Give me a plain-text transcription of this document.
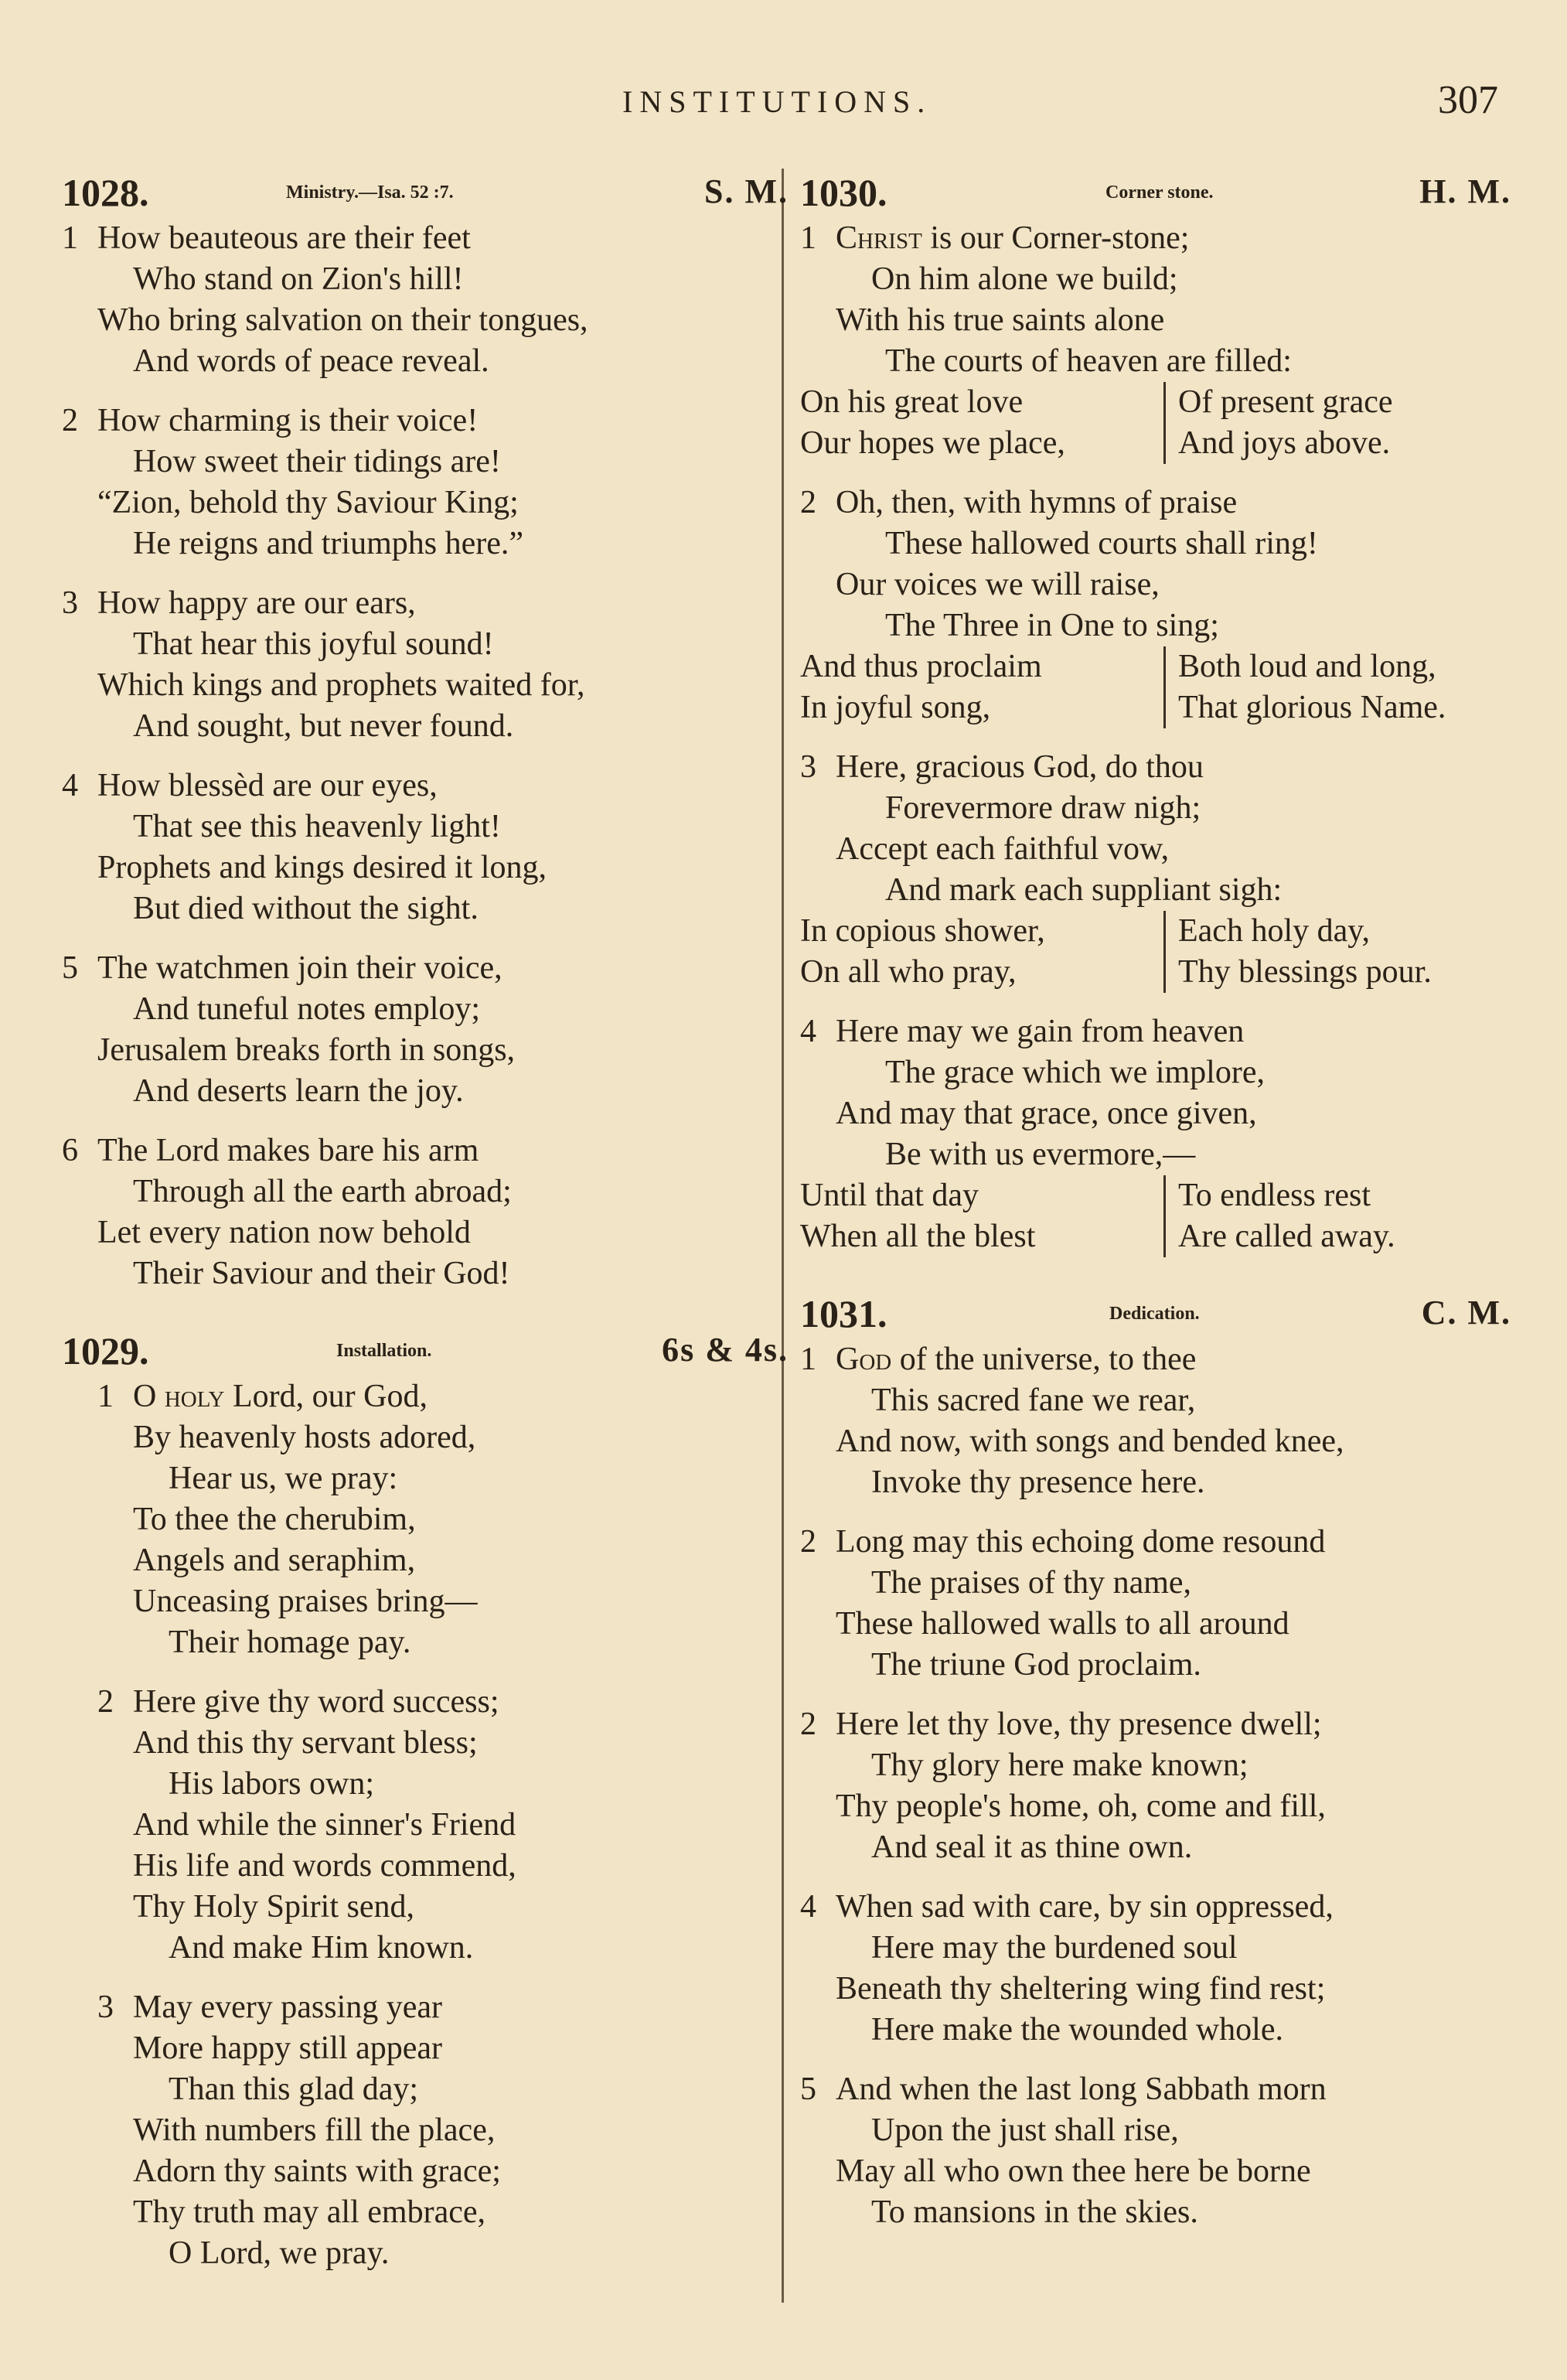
INSTITUTIONS.	307
1028.	Ministry.—Isa. 52 :7.	S. M.
1 How beauteous are their feet
Who stand on Zion's hill!
Who bring salvation on their tongues,
And words of peace reveal.
2 How charming is their voice!
How sweet their tidings are!
“Zion, behold thy Saviour King;
He reigns and triumphs here.”
3 How happy are our ears,
That hear this joyful sound!
Which kings and prophets waited for,
And sought, but never found.
4 How blessèd are our eyes,
That see this heavenly light!
Prophets and kings desired it long,
But died without the sight.
5 The watchmen join their voice,
And tuneful notes employ;
Jerusalem breaks forth in songs,
And deserts learn the joy.
6 The Lord makes bare his arm
Through all the earth abroad;
Let every nation now behold
Their Saviour and their God!
1029.	Installation.	6s & 4s.
1 O holy Lord, our God,
By heavenly hosts adored,
Hear us, we pray:
To thee the cherubim,
Angels and seraphim,
Unceasing praises bring—
Their homage pay.
2 Here give thy word success;
And this thy servant bless;
His labors own;
And while the sinner's Friend
His life and words commend,
Thy Holy Spirit send,
And make Him known.
3 May every passing year
More happy still appear
Than this glad day;
With numbers fill the place,
Adorn thy saints with grace;
Thy truth may all embrace,
O Lord, we pray.
1030.	Corner stone.	H. M.
1 Christ is our Corner-stone;
On him alone we build;
With his true saints alone
The courts of heaven are filled:
On his great love	Of present grace
Our hopes we place,	And joys above.
2 Oh, then, with hymns of praise
These hallowed courts shall ring!
Our voices we will raise,
The Three in One to sing;
And thus proclaim	Both loud and long,
In joyful song,	That glorious Name.
3 Here, gracious God, do thou
Forevermore draw nigh;
Accept each faithful vow,
And mark each suppliant sigh:
In copious shower,	Each holy day,
On all who pray,	Thy blessings pour.
4 Here may we gain from heaven
The grace which we implore,
And may that grace, once given,
Be with us evermore,—
Until that day	To endless rest
When all the blest	Are called away.
1031.	Dedication.	C. M.
1 God of the universe, to thee
This sacred fane we rear,
And now, with songs and bended knee,
Invoke thy presence here.
2 Long may this echoing dome resound
The praises of thy name,
These hallowed walls to all around
The triune God proclaim.
2 Here let thy love, thy presence dwell;
Thy glory here make known;
Thy people's home, oh, come and fill,
And seal it as thine own.
4 When sad with care, by sin oppressed,
Here may the burdened soul
Beneath thy sheltering wing find rest;
Here make the wounded whole.
5 And when the last long Sabbath morn
Upon the just shall rise,
May all who own thee here be borne
To mansions in the skies.
